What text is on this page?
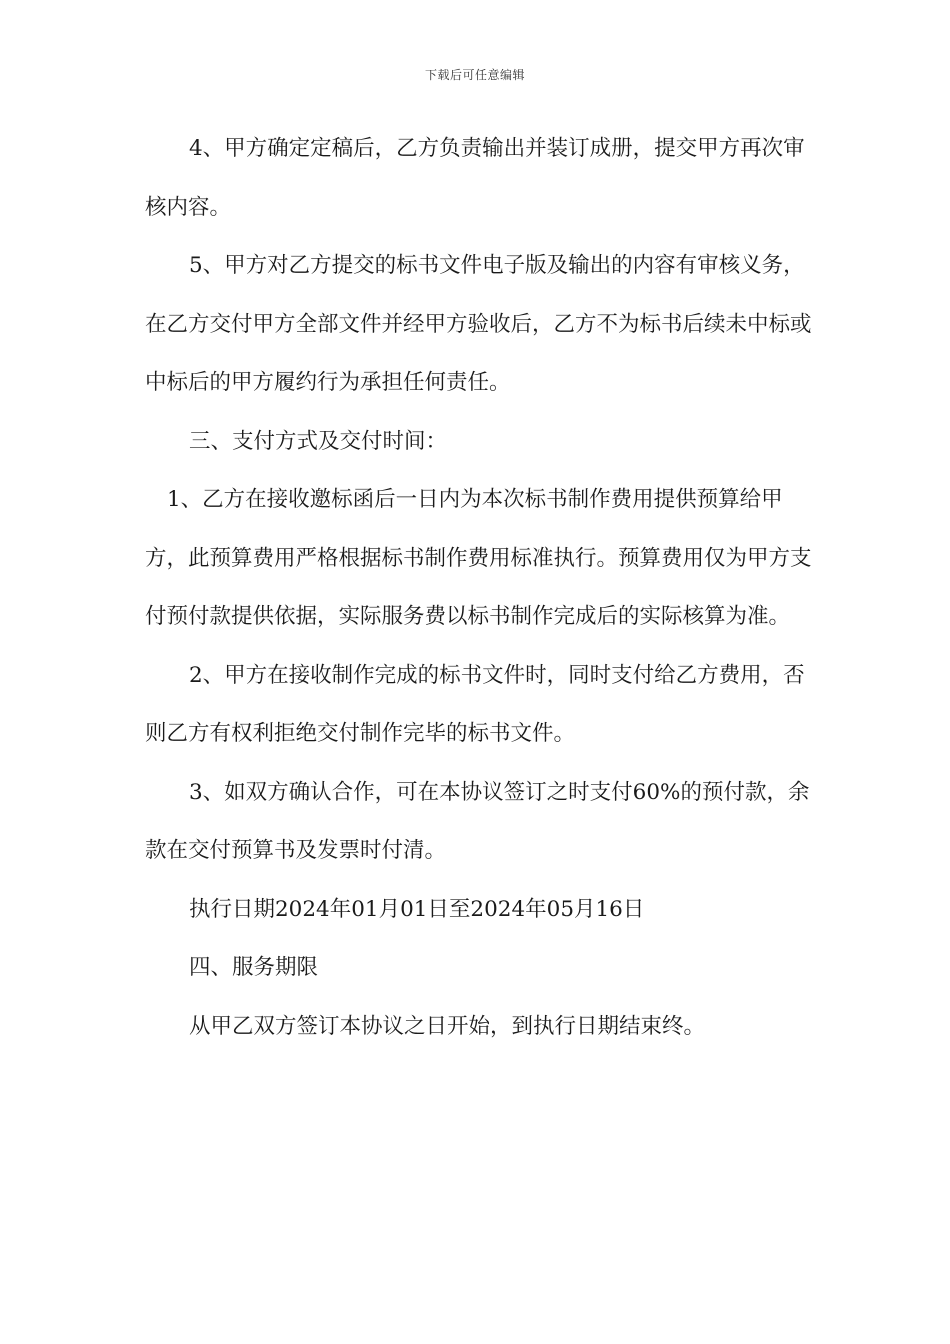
下载后可任意编辑

4、甲方确定定稿后，乙方负责输出并装订成册，提交甲方再次审核内容。

5、甲方对乙方提交的标书文件电子版及输出的内容有审核义务，在乙方交付甲方全部文件并经甲方验收后，乙方不为标书后续未中标或中标后的甲方履约行为承担任何责任。

三、支付方式及交付时间：

1、乙方在接收邀标函后一日内为本次标书制作费用提供预算给甲方，此预算费用严格根据标书制作费用标准执行。预算费用仅为甲方支付预付款提供依据，实际服务费以标书制作完成后的实际核算为准。

2、甲方在接收制作完成的标书文件时，同时支付给乙方费用，否则乙方有权利拒绝交付制作完毕的标书文件。

3、如双方确认合作，可在本协议签订之时支付60%的预付款，余款在交付预算书及发票时付清。

执行日期2024年01月01日至2024年05月16日

四、服务期限

从甲乙双方签订本协议之日开始，到执行日期结束终。
